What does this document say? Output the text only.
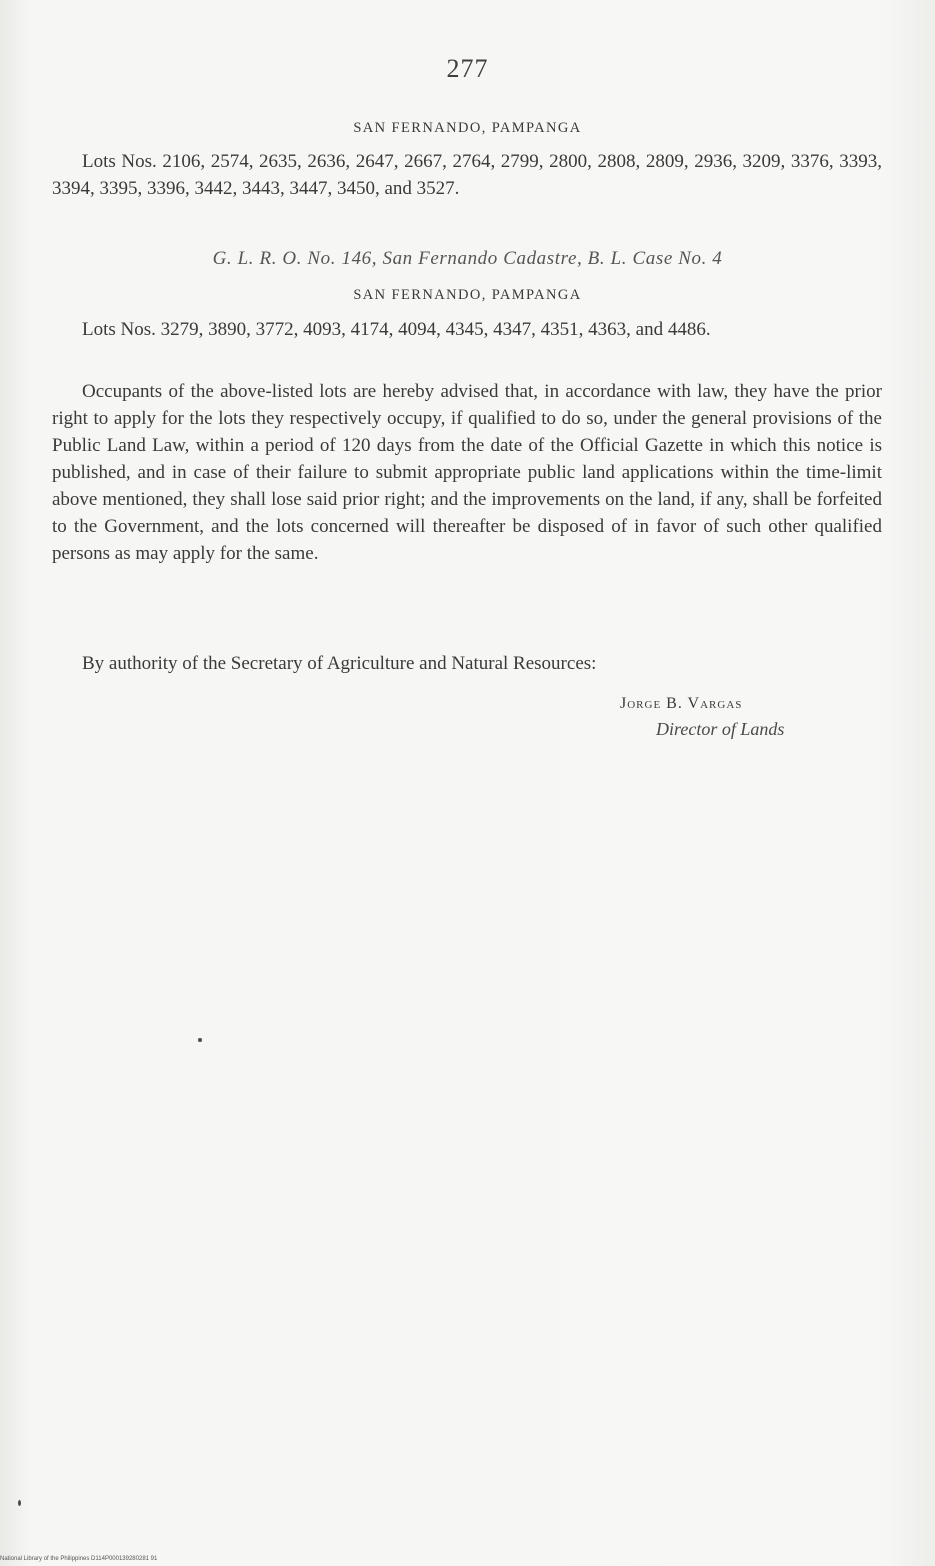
277
SAN FERNANDO, PAMPANGA
Lots Nos. 2106, 2574, 2635, 2636, 2647, 2667, 2764, 2799, 2800, 2808, 2809, 2936, 3209, 3376, 3393, 3394, 3395, 3396, 3442, 3443, 3447, 3450, and 3527.
G. L. R. O. No. 146, San Fernando Cadastre, B. L. Case No. 4
SAN FERNANDO, PAMPANGA
Lots Nos. 3279, 3890, 3772, 4093, 4174, 4094, 4345, 4347, 4351, 4363, and 4486.
Occupants of the above-listed lots are hereby advised that, in accordance with law, they have the prior right to apply for the lots they respectively occupy, if qualified to do so, under the general provisions of the Public Land Law, within a period of 120 days from the date of the Official Gazette in which this notice is published, and in case of their failure to submit appropriate public land applications within the time-limit above mentioned, they shall lose said prior right; and the improvements on the land, if any, shall be forfeited to the Government, and the lots concerned will thereafter be disposed of in favor of such other qualified persons as may apply for the same.
By authority of the Secretary of Agriculture and Natural Resources:
Jorge B. Vargas
Director of Lands
National Library of the Philippines D114P000139280281 91
